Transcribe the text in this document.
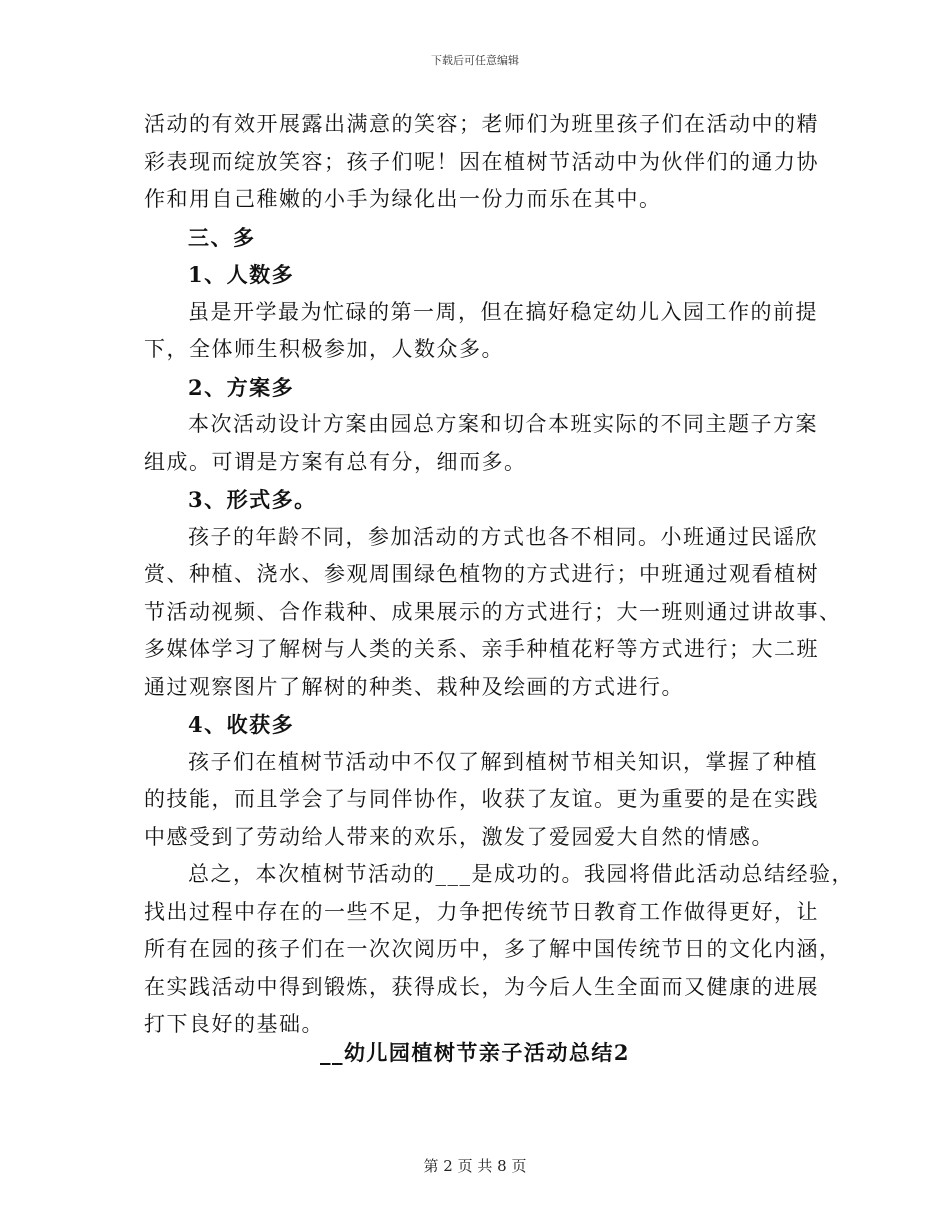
下载后可任意编辑
活动的有效开展露出满意的笑容；老师们为班里孩子们在活动中的精
彩表现而绽放笑容；孩子们呢！因在植树节活动中为伙伴们的通力协
作和用自己稚嫩的小手为绿化出一份力而乐在其中。
三、多
1、人数多
虽是开学最为忙碌的第一周，但在搞好稳定幼儿入园工作的前提
下，全体师生积极参加，人数众多。
2、方案多
本次活动设计方案由园总方案和切合本班实际的不同主题子方案
组成。可谓是方案有总有分，细而多。
3、形式多。
孩子的年龄不同，参加活动的方式也各不相同。小班通过民谣欣
赏、种植、浇水、参观周围绿色植物的方式进行；中班通过观看植树
节活动视频、合作栽种、成果展示的方式进行；大一班则通过讲故事、
多媒体学习了解树与人类的关系、亲手种植花籽等方式进行；大二班
通过观察图片了解树的种类、栽种及绘画的方式进行。
4、收获多
孩子们在植树节活动中不仅了解到植树节相关知识，掌握了种植
的技能，而且学会了与同伴协作，收获了友谊。更为重要的是在实践
中感受到了劳动给人带来的欢乐，激发了爱园爱大自然的情感。
总之，本次植树节活动的___是成功的。我园将借此活动总结经验，
找出过程中存在的一些不足，力争把传统节日教育工作做得更好，让
所有在园的孩子们在一次次阅历中，多了解中国传统节日的文化内涵，
在实践活动中得到锻炼，获得成长，为今后人生全面而又健康的进展
打下良好的基础。
__幼儿园植树节亲子活动总结2
第 2 页 共 8 页
